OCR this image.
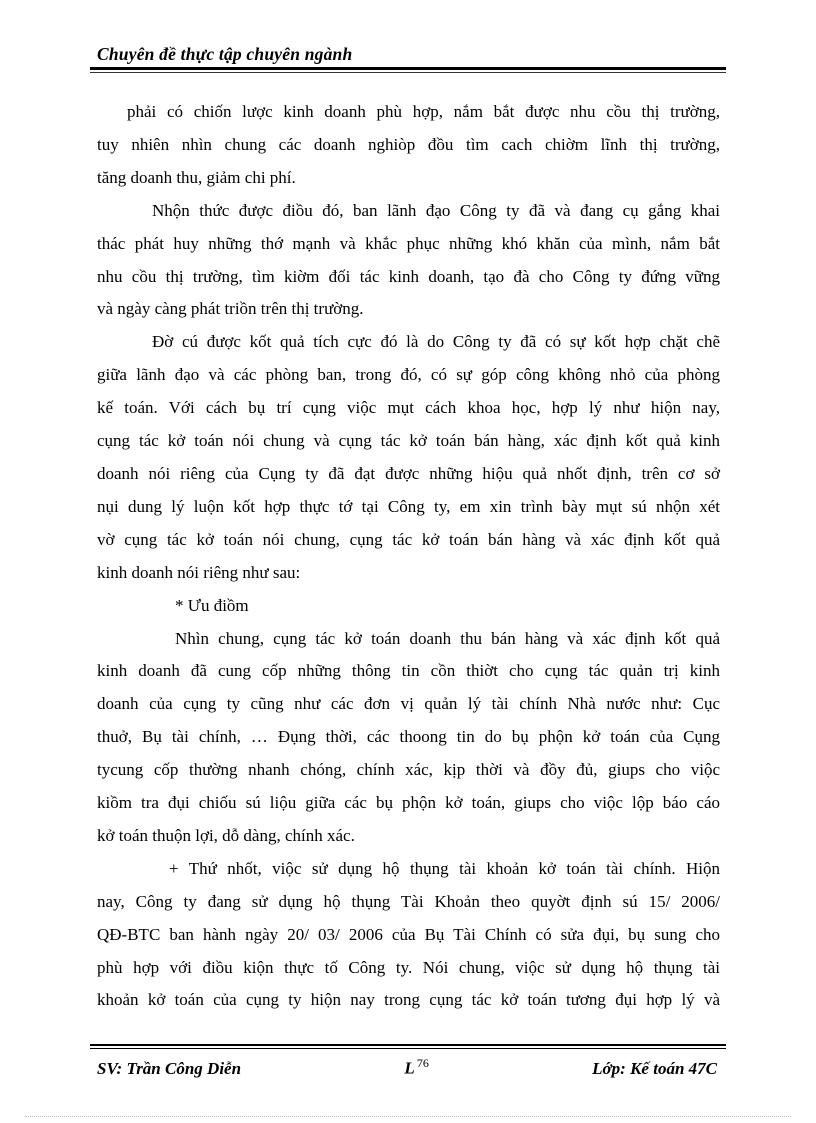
Chuyên đề thực tập chuyên ngành
phải có chiốn lược kinh doanh phù hợp, nắm bắt được nhu cồu thị trường,
tuy nhiên nhìn chung các doanh nghiòp đồu tìm cach chiờm lĩnh thị trường,
tăng doanh thu, giảm chi phí.
Nhộn thức được điồu đó, ban lãnh đạo Công ty đã và đang cụ gắng khai
thác phát huy những thớ mạnh và khắc phục những khó khăn của mình, nắm bắt
nhu cồu thị trường, tìm kiờm đối tác kinh doanh, tạo đà cho Công ty đứng vững
và ngày càng phát triồn trên thị trường.
Đờ cú được kốt quả tích cực đó là do Công ty đã có sự kốt hợp chặt chẽ
giữa lãnh đạo và các phòng ban, trong đó, có sự góp công không nhỏ của phòng
kế toán. Với cách bụ trí cụng viộc mụt cách khoa học, hợp lý như hiộn nay,
cụng tác kở toán nói chung và cụng tác kở toán bán hàng, xác định kốt quả kinh
doanh nói riêng của Cụng ty đã đạt được những hiộu quả nhốt định, trên cơ sở
nụi dung lý luộn kốt hợp thực tớ tại Công ty, em xin trình bày mụt sú nhộn xét
vờ cụng tác kở toán nói chung, cụng tác kở toán bán hàng và xác định kốt quả
kinh doanh nói riêng như sau:
* Ưu điồm
Nhìn chung, cụng tác kở toán doanh thu bán hàng và xác định kốt quả
kinh doanh đã cung cốp những thông tin cồn thiờt cho cụng tác quản trị kinh
doanh của cụng ty cũng như các đơn vị quản lý tài chính Nhà nước như: Cục
thuở, Bụ tài chính, … Đụng thời, các thoong tin do bụ phộn kở toán của Cụng
tycung cốp thường nhanh chóng, chính xác, kịp thời và đồy đủ, giups cho viộc
kiồm tra đụi chiốu sú liộu giữa các bụ phộn kở toán, giups cho viộc lộp báo cáo
kở toán thuộn lợi, dỗ dàng, chính xác.
+ Thứ nhốt, viộc sử dụng hộ thụng tài khoản kở toán tài chính. Hiộn
nay, Công ty đang sử dụng hộ thụng Tài Khoản theo quyờt định sú 15/ 2006/
QĐ-BTC ban hành ngày 20/ 03/ 2006 của Bụ Tài Chính có sửa đụi, bụ sung cho
phù hợp với điồu kiộn thực tố Công ty. Nói chung, viộc sử dụng hộ thụng tài
khoản kở toán của cụng ty hiộn nay trong cụng tác kở toán tương đụi hợp lý và
SV: Trần Công Diễn	L $^{76}$	Lớp: Kế toán 47C
